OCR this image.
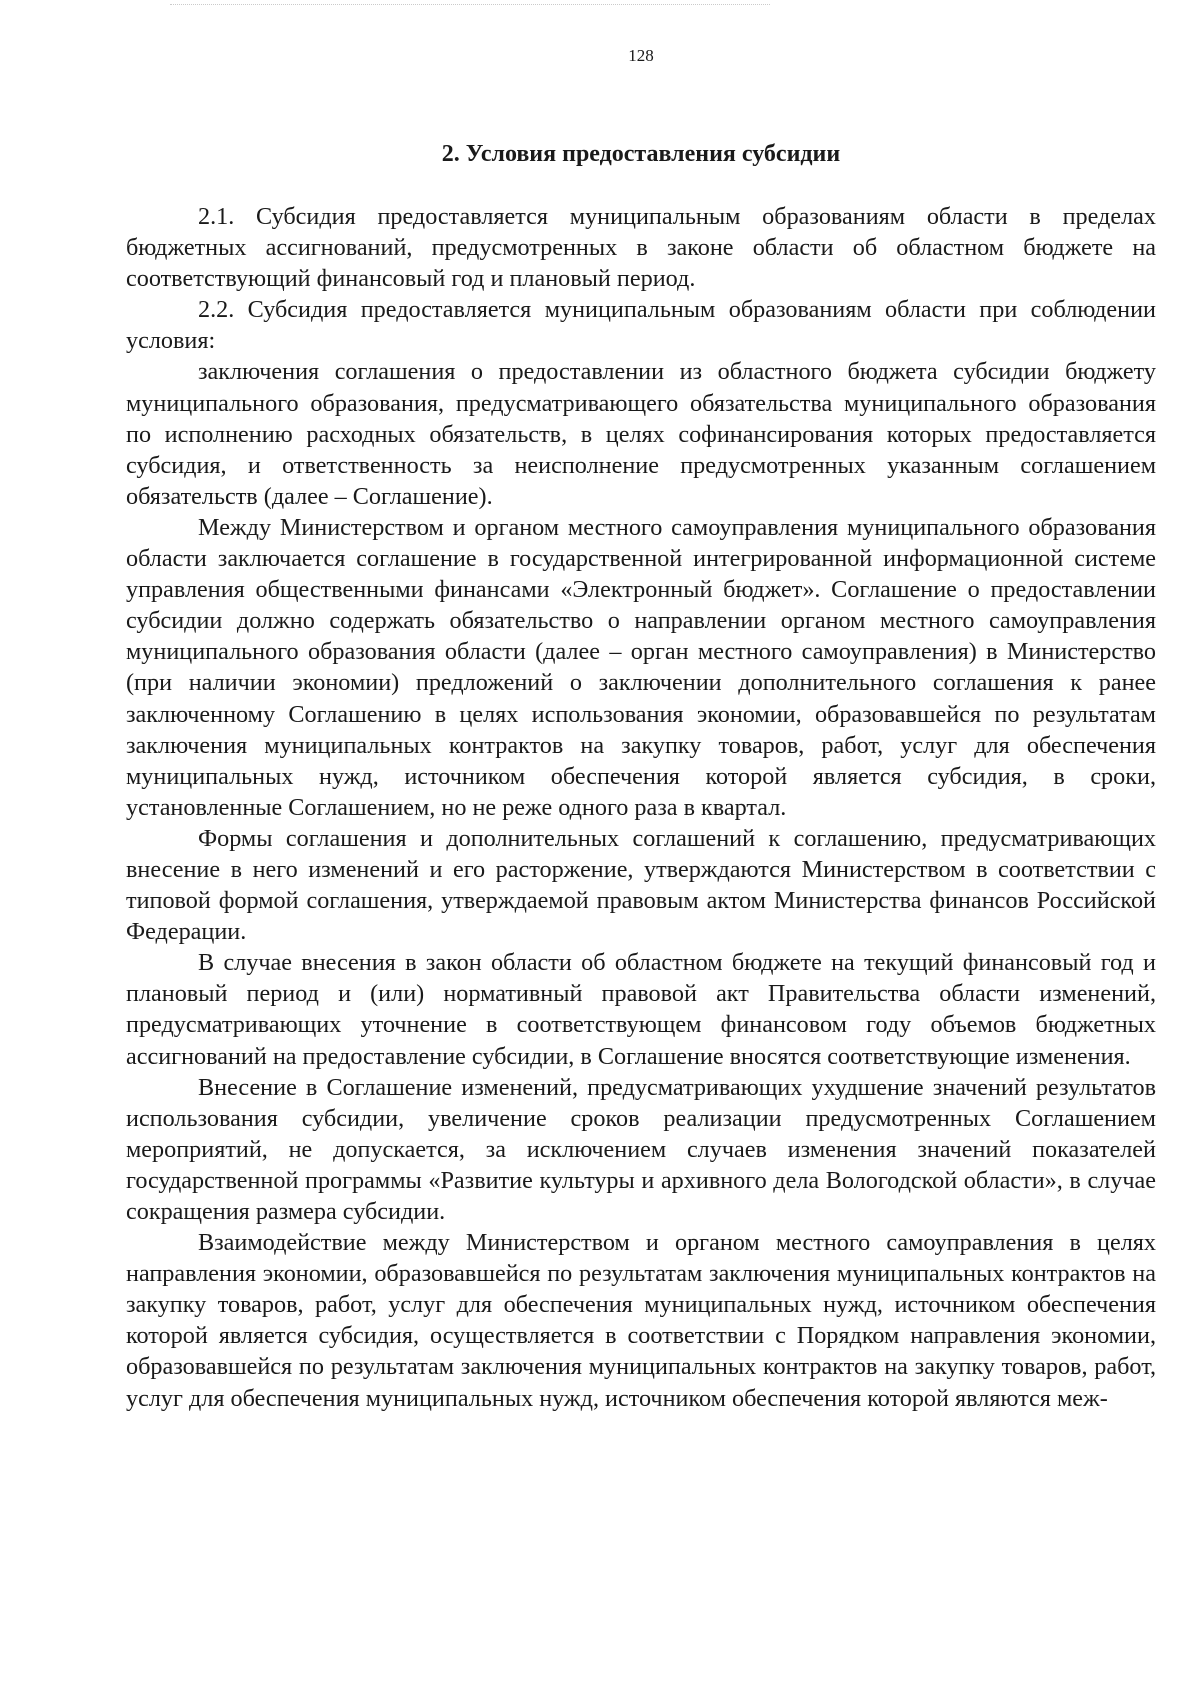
128
2. Условия предоставления субсидии

2.1. Субсидия предоставляется муниципальным образованиям области в пределах бюджетных ассигнований, предусмотренных в законе области об областном бюджете на соответствующий финансовый год и плановый период.

2.2. Субсидия предоставляется муниципальным образованиям области при соблюдении условия:

заключения соглашения о предоставлении из областного бюджета субсидии бюджету муниципального образования, предусматривающего обязательства муниципального образования по исполнению расходных обязательств, в целях софинансирования которых предоставляется субсидия, и ответственность за неисполнение предусмотренных указанным соглашением обязательств (далее – Соглашение).

Между Министерством и органом местного самоуправления муниципального образования области заключается соглашение в государственной интегрированной информационной системе управления общественными финансами «Электронный бюджет». Соглашение о предоставлении субсидии должно содержать обязательство о направлении органом местного самоуправления муниципального образования области (далее – орган местного самоуправления) в Министерство (при наличии экономии) предложений о заключении дополнительного соглашения к ранее заключенному Соглашению в целях использования экономии, образовавшейся по результатам заключения муниципальных контрактов на закупку товаров, работ, услуг для обеспечения муниципальных нужд, источником обеспечения которой является субсидия, в сроки, установленные Соглашением, но не реже одного раза в квартал.

Формы соглашения и дополнительных соглашений к соглашению, предусматривающих внесение в него изменений и его расторжение, утверждаются Министерством в соответствии с типовой формой соглашения, утверждаемой правовым актом Министерства финансов Российской Федерации.

В случае внесения в закон области об областном бюджете на текущий финансовый год и плановый период и (или) нормативный правовой акт Правительства области изменений, предусматривающих уточнение в соответствующем финансовом году объемов бюджетных ассигнований на предоставление субсидии, в Соглашение вносятся соответствующие изменения.

Внесение в Соглашение изменений, предусматривающих ухудшение значений результатов использования субсидии, увеличение сроков реализации предусмотренных Соглашением мероприятий, не допускается, за исключением случаев изменения значений показателей государственной программы «Развитие культуры и архивного дела Вологодской области», в случае сокращения размера субсидии.

Взаимодействие между Министерством и органом местного самоуправления в целях направления экономии, образовавшейся по результатам заключения муниципальных контрактов на закупку товаров, работ, услуг для обеспечения муниципальных нужд, источником обеспечения которой является субсидия, осуществляется в соответствии с Порядком направления экономии, образовавшейся по результатам заключения муниципальных контрактов на закупку товаров, работ, услуг для обеспечения муниципальных нужд, источником обеспечения которой являются меж-
